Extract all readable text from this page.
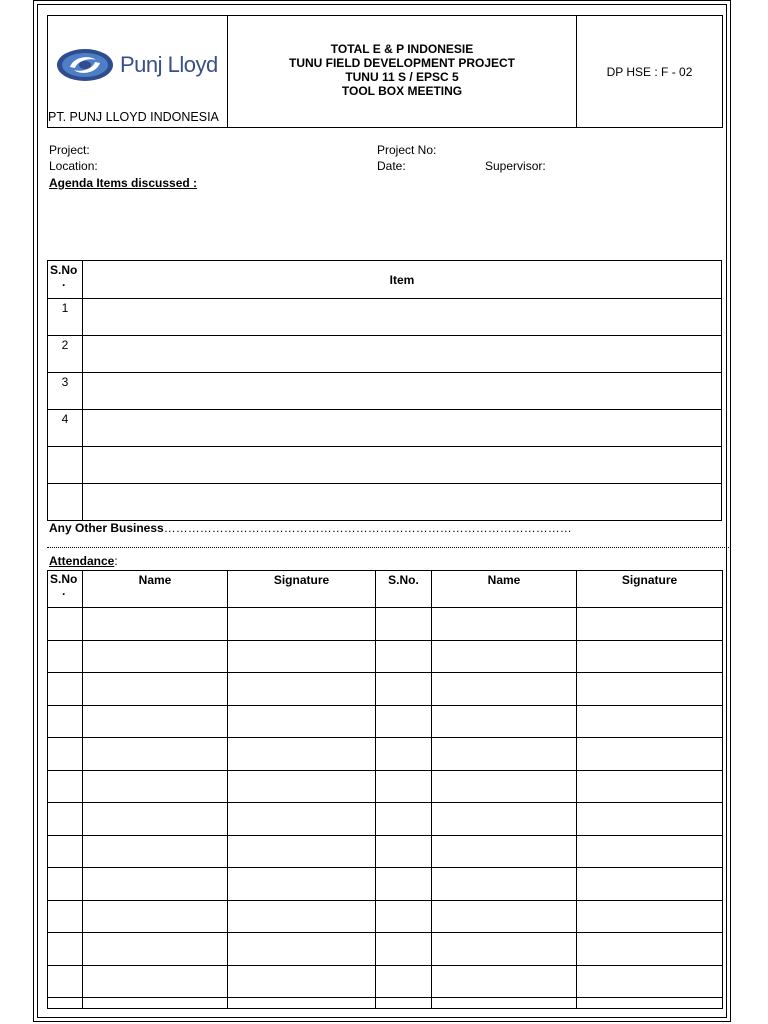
Punj Lloyd
PT. PUNJ LLOYD INDONESIA

TOTAL E & P INDONESIE
TUNU FIELD DEVELOPMENT PROJECT
TUNU 11 S / EPSC 5
TOOL BOX MEETING
	DP HSE : F - 02
Project:	Project No:
Location:	Date:	Supervisor:
Agenda Items discussed :
S.No
.	Item
1	
2	
3	
4	

Any Other Business…………………………………………………………………………………………
Attendance:
S.No
.	Name	Signature	S.No.	Name	Signature
